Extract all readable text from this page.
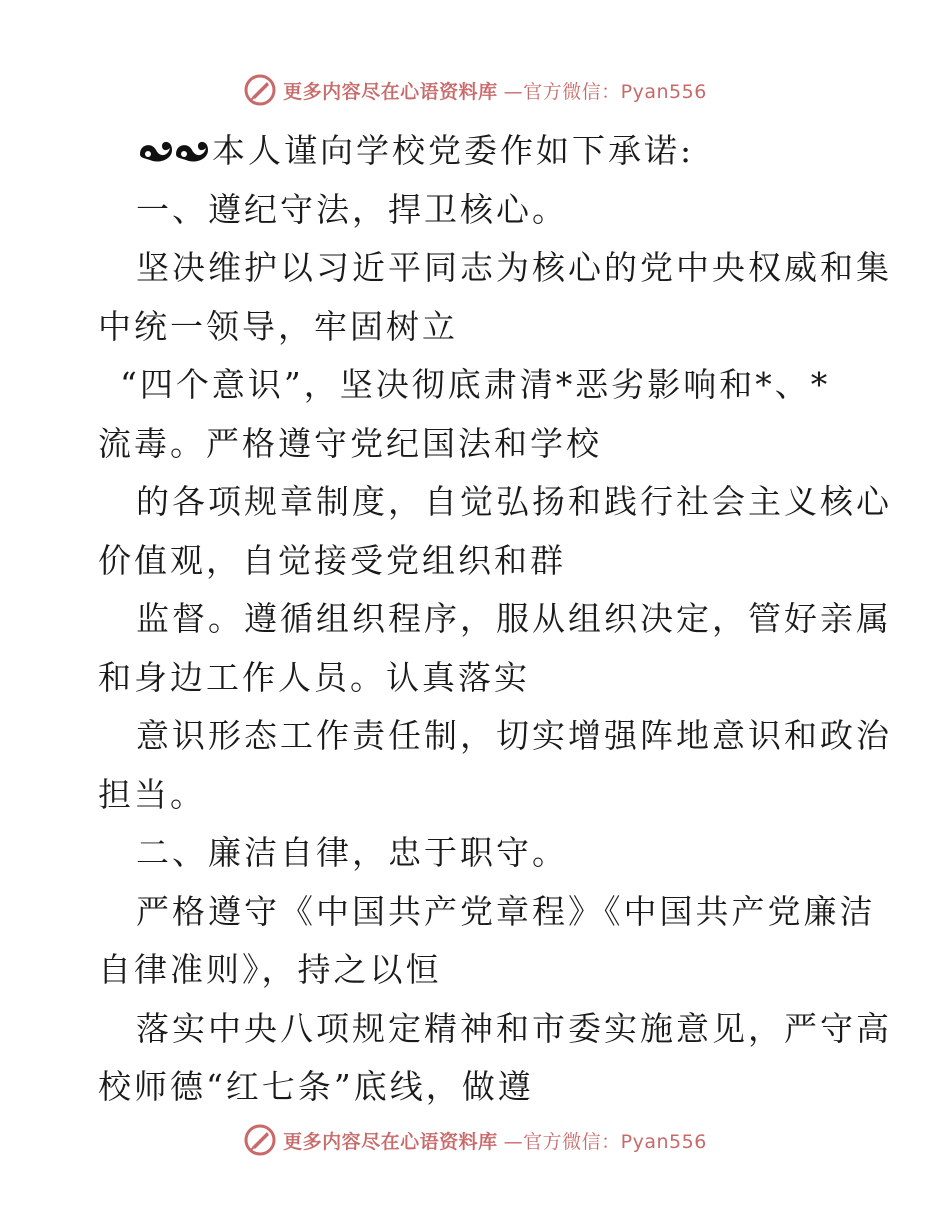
更多内容尽在心语资料库 —官方微信：Pyan556
本人谨向学校党委作如下承诺:
一、遵纪守法，捍卫核心。
坚决维护以习近平同志为核心的党中央权威和集
中统一领导，牢固树立
“四个意识”，坚决彻底肃清*恶劣影响和*、*
流毒。严格遵守党纪国法和学校
的各项规章制度，自觉弘扬和践行社会主义核心
价值观，自觉接受党组织和群
监督。遵循组织程序，服从组织决定，管好亲属
和身边工作人员。认真落实
意识形态工作责任制，切实增强阵地意识和政治
担当。
二、廉洁自律，忠于职守。
严格遵守《中国共产党章程》《中国共产党廉洁
自律准则》，持之以恒
落实中央八项规定精神和市委实施意见，严守高
校师德“红七条”底线，做遵
更多内容尽在心语资料库 —官方微信：Pyan556
